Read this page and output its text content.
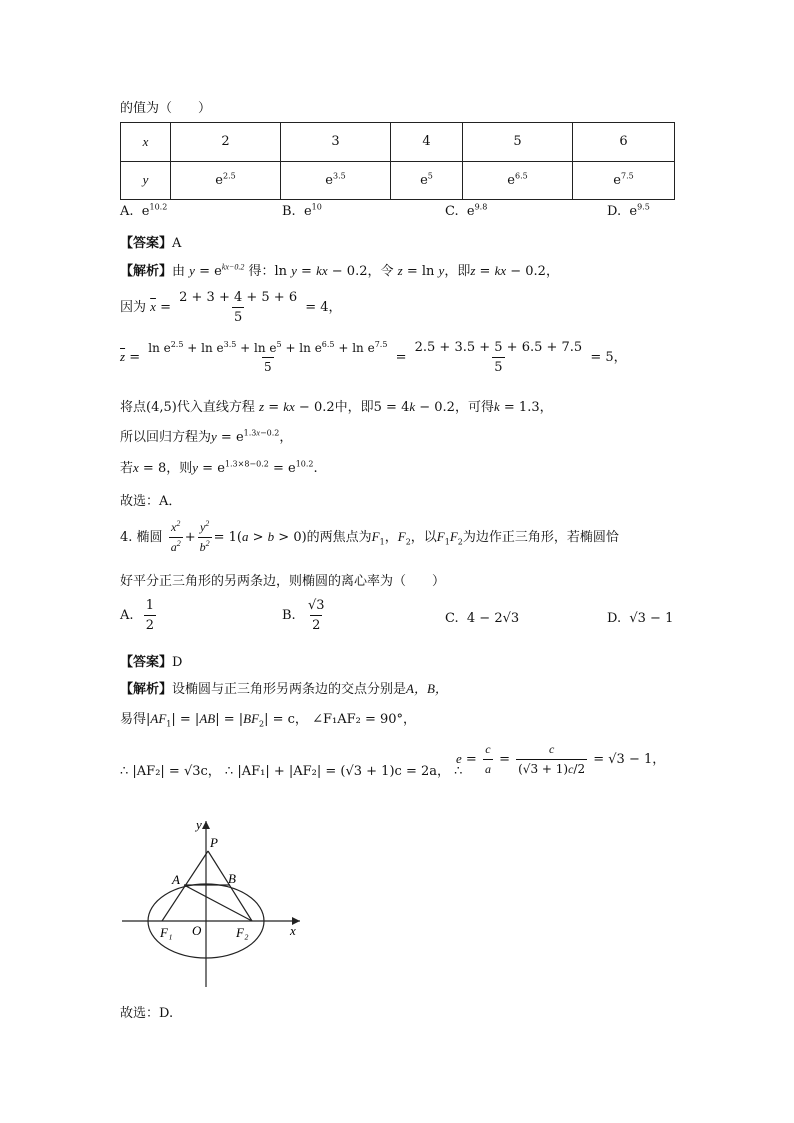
的值为（　　）
x	2	3	4	5	6
y	$e^{2.5}$	$e^{3.5}$	$e^5$	$e^{6.5}$	$e^{7.5}$
A. $e^{10.2}$	B. $e^{10}$	C. $e^{9.8}$	D. $e^{9.5}$
【答案】A
【解析】由 $y = e^{kx-0.2}$ 得：ln y = kx − 0.2，令 z = ln y，即z = kx − 0.2，
因为 $\overline{x} = \frac{2 + 3 + 4 + 5 + 6}{5} = 4$，
$\overline{z} = \frac{\ln e^{2.5} + \ln e^{3.5} + \ln e^5 + \ln e^{6.5} + \ln e^{7.5}}{5} = \frac{2.5 + 3.5 + 5 + 6.5 + 7.5}{5} = 5$，
将点(4,5)代入直线方程 z = kx − 0.2中，即5 = 4k − 0.2，可得k = 1.3，
所以回归方程为$y = e^{1.3x-0.2}$，
若x = 8，则$y = e^{1.3\times 8-0.2} = e^{10.2}$.
故选：A．
4. 椭圆 $\frac{x^2}{a^2} + \frac{y^2}{b^2} = 1(a > b > 0)$的两焦点为$F_1$，$F_2$，以$F_1F_2$为边作正三角形，若椭圆恰
好平分正三角形的另两条边，则椭圆的离心率为（　　）
A. $\frac{1}{2}$	B. $\frac{√3}{2}$	C. 4 − 2√3	D. √3 − 1
【答案】D
【解析】设椭圆与正三角形另两条边的交点分别是A，B，
易得$|AF_1| = |AB| = |BF_2| = c$， ∠F₁AF₂ = 90°，
∴ |AF₂| = √3c， ∴ |AF₁| + |AF₂| = (√3 + 1)c = 2a， ∴
$e = \frac{c}{a} = \frac{c}{(√3 + 1)c/2} = √3 - 1$，
y
P
A	B
F₁ O	F₂	x
故选：D.
